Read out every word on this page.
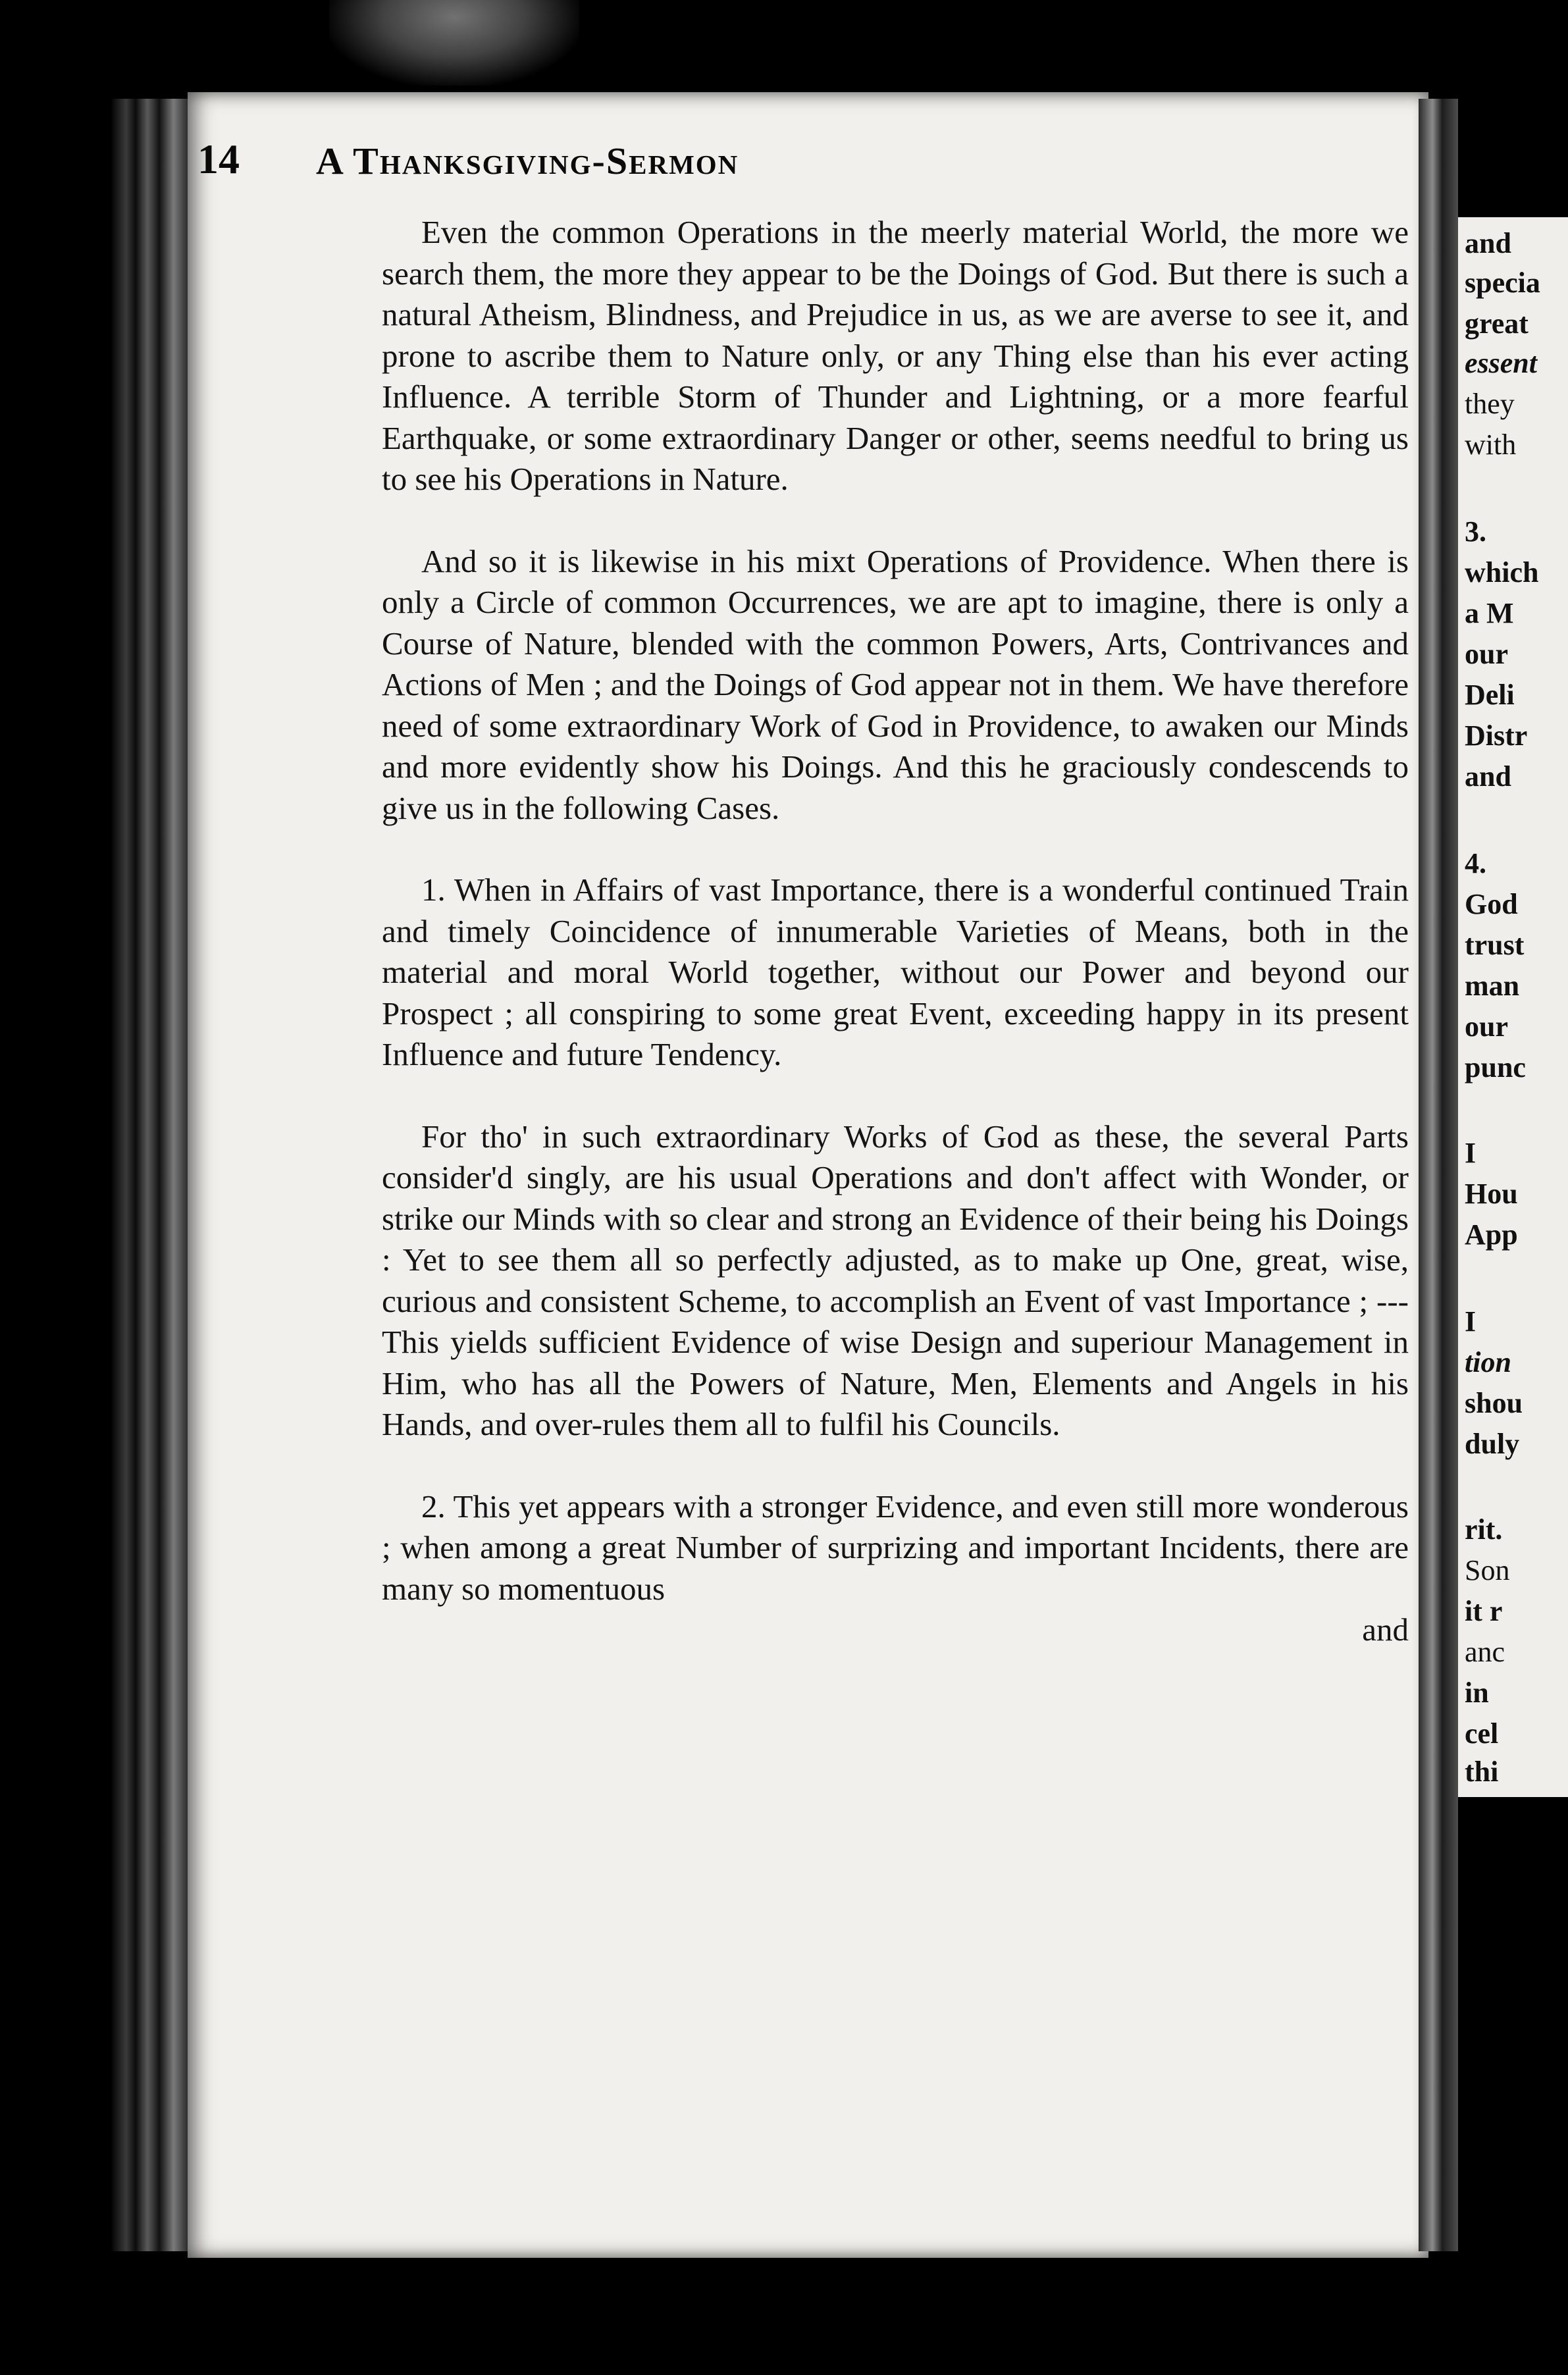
14 A Thanksgiving-Sermon

Even the common Operations in the meerly material World, the more we search them, the more they appear to be the Doings of God. But there is such a natural Atheism, Blindness, and Prejudice in us, as we are averse to see it, and prone to ascribe them to Nature only, or any Thing else than his ever acting Influence. A terrible Storm of Thunder and Lightning, or a more fearful Earthquake, or some extraordinary Danger or other, seems needful to bring us to see his Operations in Nature.

And so it is likewise in his mixt Operations of Providence. When there is only a Circle of common Occurrences, we are apt to imagine, there is only a Course of Nature, blended with the common Powers, Arts, Contrivances and Actions of Men ; and the Doings of God appear not in them. We have therefore need of some extraordinary Work of God in Providence, to awaken our Minds and more evidently show his Doings. And this he graciously condescends to give us in the following Cases.

1. When in Affairs of vast Importance, there is a wonderful continued Train and timely Coincidence of innumerable Varieties of Means, both in the material and moral World together, without our Power and beyond our Prospect ; all conspiring to some great Event, exceeding happy in its present Influence and future Tendency.

For tho' in such extraordinary Works of God as these, the several Parts consider'd singly, are his usual Operations and don't affect with Wonder, or strike our Minds with so clear and strong an Evidence of their being his Doings : Yet to see them all so perfectly adjusted, as to make up One, great, wise, curious and consistent Scheme, to accomplish an Event of vast Importance ; --- This yields sufficient Evidence of wise Design and superiour Management in Him, who has all the Powers of Nature, Men, Elements and Angels in his Hands, and over-rules them all to fulfil his Councils.

2. This yet appears with a stronger Evidence, and even still more wonderous ; when among a great Number of surprizing and important Incidents, there are many so momentuous

and

and
specia
great
essent
they
with
3.
which
a M
our
Deli
Distr
and
4.
God
trust
man
our
punc
I
Hou
App
I
tion
shou
duly
rit.
Son
it r
anc
in
cel
thi
